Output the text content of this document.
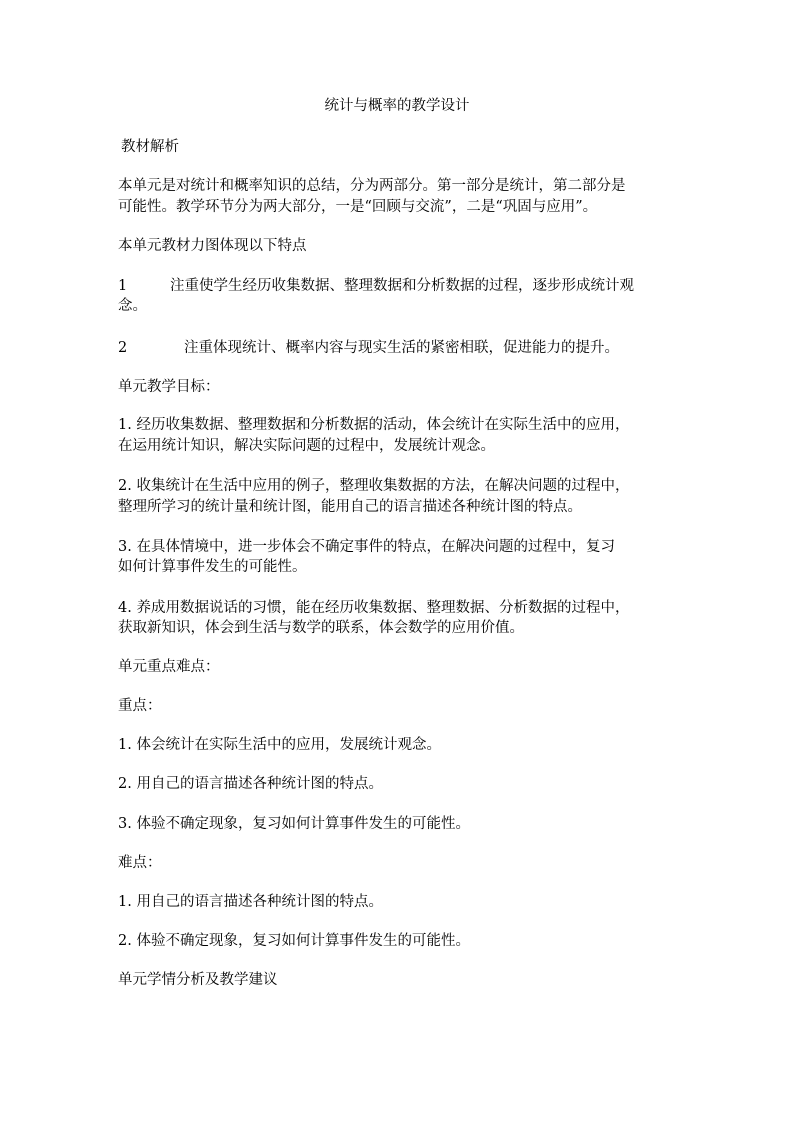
统计与概率的教学设计
教材解析
本单元是对统计和概率知识的总结，分为两部分。第一部分是统计，第二部分是
可能性。教学环节分为两大部分，一是“回顾与交流”，二是“巩固与应用”。
本单元教材力图体现以下特点
1	注重使学生经历收集数据、整理数据和分析数据的过程，逐步形成统计观
念。
2	注重体现统计、概率内容与现实生活的紧密相联，促进能力的提升。
单元教学目标：
1. 经历收集数据、整理数据和分析数据的活动，体会统计在实际生活中的应用，
在运用统计知识，解决实际问题的过程中，发展统计观念。
2. 收集统计在生活中应用的例子，整理收集数据的方法，在解决问题的过程中，
整理所学习的统计量和统计图，能用自己的语言描述各种统计图的特点。
3. 在具体情境中，进一步体会不确定事件的特点，在解决问题的过程中，复习
如何计算事件发生的可能性。
4. 养成用数据说话的习惯，能在经历收集数据、整理数据、分析数据的过程中，
获取新知识，体会到生活与数学的联系，体会数学的应用价值。
单元重点难点：
重点：
1. 体会统计在实际生活中的应用，发展统计观念。
2. 用自己的语言描述各种统计图的特点。
3. 体验不确定现象，复习如何计算事件发生的可能性。
难点：
1. 用自己的语言描述各种统计图的特点。
2. 体验不确定现象，复习如何计算事件发生的可能性。
单元学情分析及教学建议
